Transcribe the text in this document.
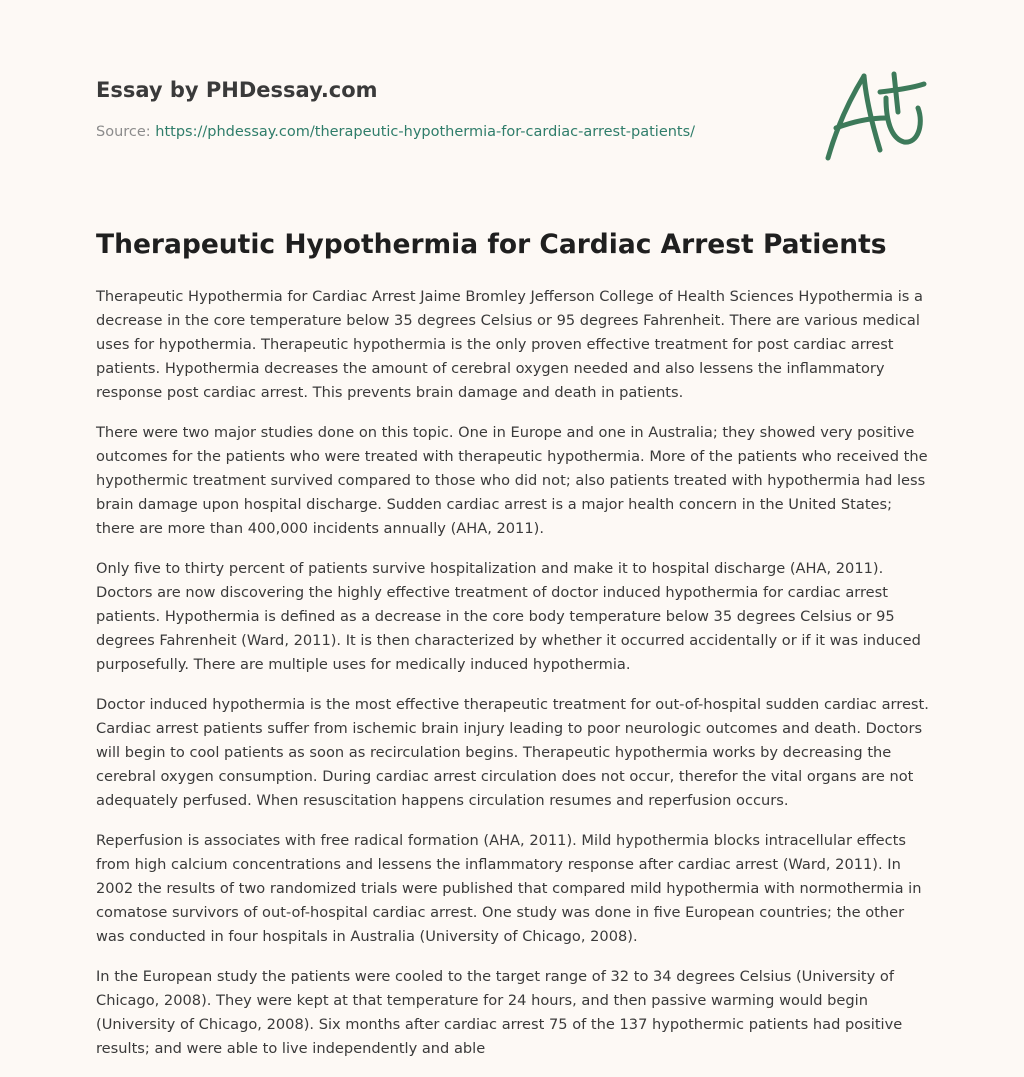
Essay by PHDessay.com
Source: https://phdessay.com/therapeutic-hypothermia-for-cardiac-arrest-patients/
Therapeutic Hypothermia for Cardiac Arrest Patients

Therapeutic Hypothermia for Cardiac Arrest Jaime Bromley Jefferson College of Health Sciences Hypothermia is a decrease in the core temperature below 35 degrees Celsius or 95 degrees Fahrenheit. There are various medical uses for hypothermia. Therapeutic hypothermia is the only proven effective treatment for post cardiac arrest patients. Hypothermia decreases the amount of cerebral oxygen needed and also lessens the inflammatory response post cardiac arrest. This prevents brain damage and death in patients.

There were two major studies done on this topic. One in Europe and one in Australia; they showed very positive outcomes for the patients who were treated with therapeutic hypothermia. More of the patients who received the hypothermic treatment survived compared to those who did not; also patients treated with hypothermia had less brain damage upon hospital discharge. Sudden cardiac arrest is a major health concern in the United States; there are more than 400,000 incidents annually (AHA, 2011).

Only five to thirty percent of patients survive hospitalization and make it to hospital discharge (AHA, 2011). Doctors are now discovering the highly effective treatment of doctor induced hypothermia for cardiac arrest patients. Hypothermia is defined as a decrease in the core body temperature below 35 degrees Celsius or 95 degrees Fahrenheit (Ward, 2011). It is then characterized by whether it occurred accidentally or if it was induced purposefully. There are multiple uses for medically induced hypothermia.

Doctor induced hypothermia is the most effective therapeutic treatment for out-of-hospital sudden cardiac arrest. Cardiac arrest patients suffer from ischemic brain injury leading to poor neurologic outcomes and death. Doctors will begin to cool patients as soon as recirculation begins. Therapeutic hypothermia works by decreasing the cerebral oxygen consumption. During cardiac arrest circulation does not occur, therefor the vital organs are not adequately perfused. When resuscitation happens circulation resumes and reperfusion occurs.

Reperfusion is associates with free radical formation (AHA, 2011). Mild hypothermia blocks intracellular effects from high calcium concentrations and lessens the inflammatory response after cardiac arrest (Ward, 2011). In 2002 the results of two randomized trials were published that compared mild hypothermia with normothermia in comatose survivors of out-of-hospital cardiac arrest. One study was done in five European countries; the other was conducted in four hospitals in Australia (University of Chicago, 2008).

In the European study the patients were cooled to the target range of 32 to 34 degrees Celsius (University of Chicago, 2008). They were kept at that temperature for 24 hours, and then passive warming would begin (University of Chicago, 2008). Six months after cardiac arrest 75 of the 137 hypothermic patients had positive results; and were able to live independently and able
